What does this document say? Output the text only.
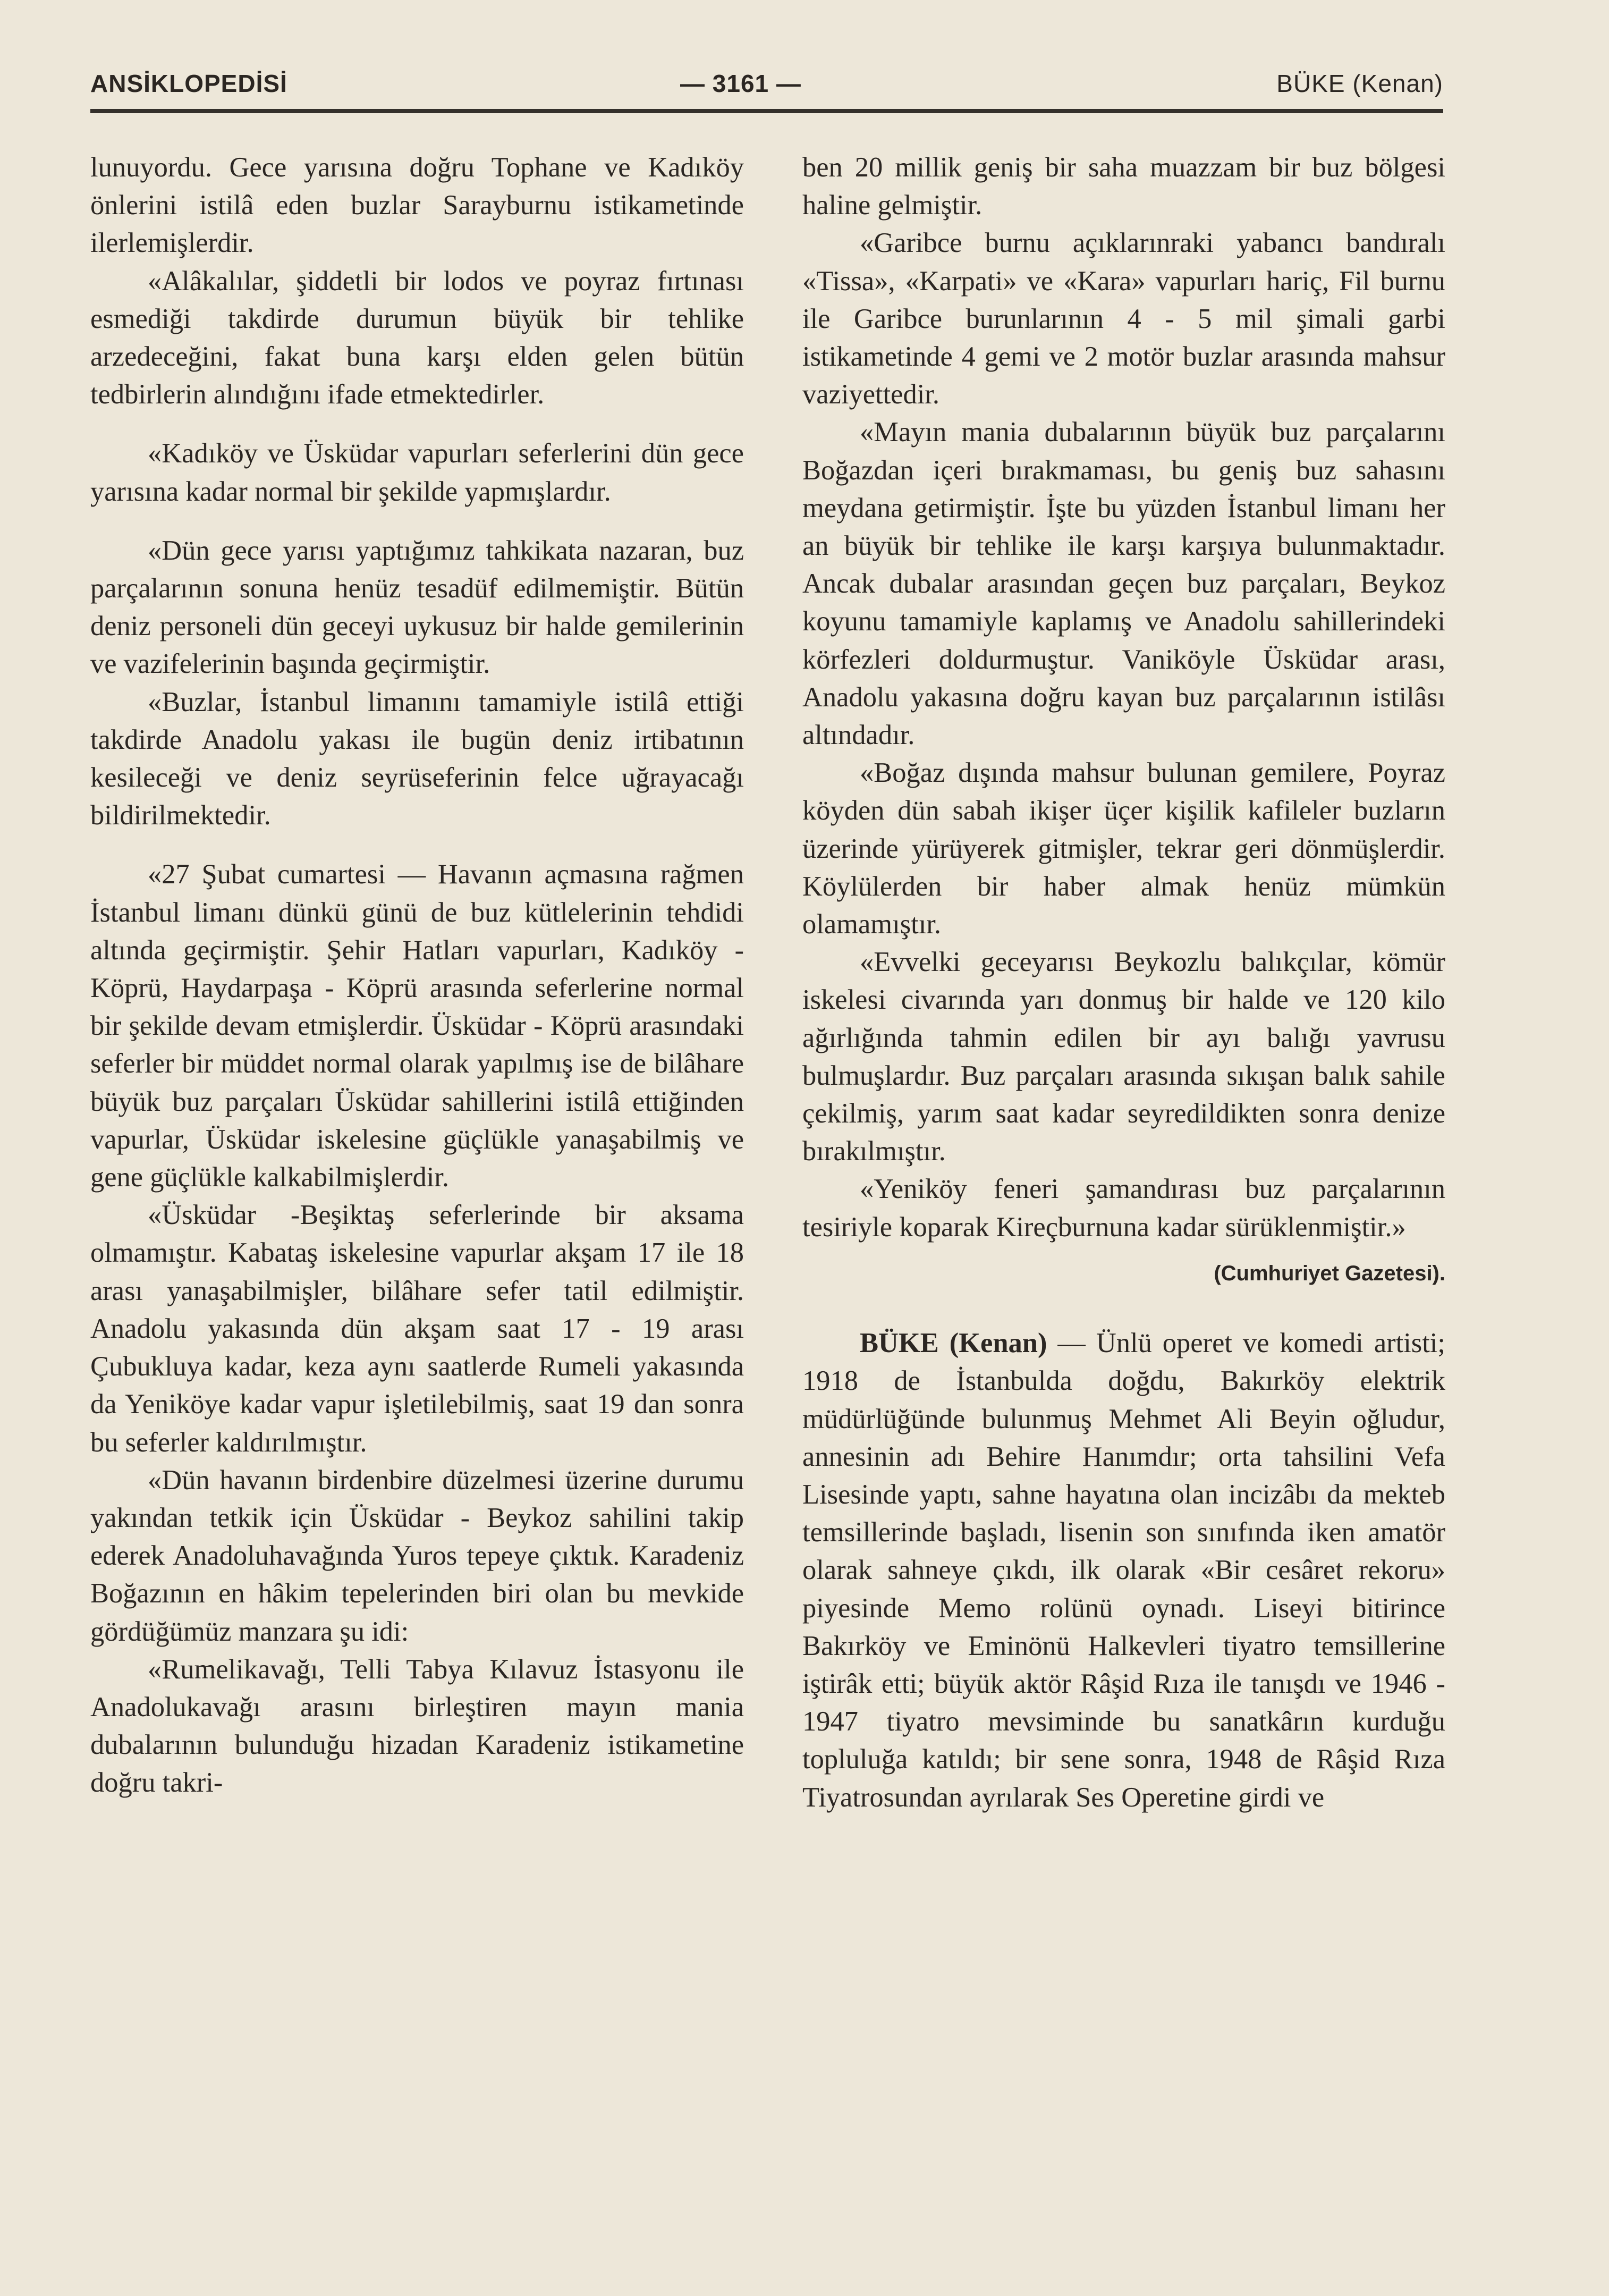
ANSİKLOPEDİSİ	— 3161 —	BÜKE (Kenan)

lunuyordu. Gece yarısına doğru Tophane ve Kadıköy önlerini istilâ eden buzlar Sarayburnu istikametinde ilerlemişlerdir.

«Alâkalılar, şiddetli bir lodos ve poyraz fırtınası esmediği takdirde durumun büyük bir tehlike arzedeceğini, fakat buna karşı elden gelen bütün tedbirlerin alındığını ifade etmektedirler.

«Kadıköy ve Üsküdar vapurları seferlerini dün gece yarısına kadar normal bir şekilde yapmışlardır.

«Dün gece yarısı yaptığımız tahkikata nazaran, buz parçalarının sonuna henüz tesadüf edilmemiştir. Bütün deniz personeli dün geceyi uykusuz bir halde gemilerinin ve vazifelerinin başında geçirmiştir.

«Buzlar, İstanbul limanını tamamiyle istilâ ettiği takdirde Anadolu yakası ile bugün deniz irtibatının kesileceği ve deniz seyrüseferinin felce uğrayacağı bildirilmektedir.

«27 Şubat cumartesi — Havanın açmasına rağmen İstanbul limanı dünkü günü de buz kütlelerinin tehdidi altında geçirmiştir. Şehir Hatları vapurları, Kadıköy - Köprü, Haydarpaşa - Köprü arasında seferlerine normal bir şekilde devam etmişlerdir. Üsküdar - Köprü arasındaki seferler bir müddet normal olarak yapılmış ise de bilâhare büyük buz parçaları Üsküdar sahillerini istilâ ettiğinden vapurlar, Üsküdar iskelesine güçlükle yanaşabilmiş ve gene güçlükle kalkabilmişlerdir.

«Üsküdar -Beşiktaş seferlerinde bir aksama olmamıştır. Kabataş iskelesine vapurlar akşam 17 ile 18 arası yanaşabilmişler, bilâhare sefer tatil edilmiştir. Anadolu yakasında dün akşam saat 17 - 19 arası Çubukluya kadar, keza aynı saatlerde Rumeli yakasında da Yeniköye kadar vapur işletilebilmiş, saat 19 dan sonra bu seferler kaldırılmıştır.

«Dün havanın birdenbire düzelmesi üzerine durumu yakından tetkik için Üsküdar - Beykoz sahilini takip ederek Anadoluhavağında Yuros tepeye çıktık. Karadeniz Boğazının en hâkim tepelerinden biri olan bu mevkide gördüğümüz manzara şu idi:

«Rumelikavağı, Telli Tabya Kılavuz İstasyonu ile Anadolukavağı arasını birleştiren mayın mania dubalarının bulunduğu hizadan Karadeniz istikametine doğru takri-

ben 20 millik geniş bir saha muazzam bir buz bölgesi haline gelmiştir.

«Garibce burnu açıklarınraki yabancı bandıralı «Tissa», «Karpati» ve «Kara» vapurları hariç, Fil burnu ile Garibce burunlarının 4 - 5 mil şimali garbi istikametinde 4 gemi ve 2 motör buzlar arasında mahsur vaziyettedir.

«Mayın mania dubalarının büyük buz parçalarını Boğazdan içeri bırakmaması, bu geniş buz sahasını meydana getirmiştir. İşte bu yüzden İstanbul limanı her an büyük bir tehlike ile karşı karşıya bulunmaktadır. Ancak dubalar arasından geçen buz parçaları, Beykoz koyunu tamamiyle kaplamış ve Anadolu sahillerindeki körfezleri doldurmuştur. Vaniköyle Üsküdar arası, Anadolu yakasına doğru kayan buz parçalarının istilâsı altındadır.

«Boğaz dışında mahsur bulunan gemilere, Poyraz köyden dün sabah ikişer üçer kişilik kafileler buzların üzerinde yürüyerek gitmişler, tekrar geri dönmüşlerdir. Köylülerden bir haber almak henüz mümkün olamamıştır.

«Evvelki geceyarısı Beykozlu balıkçılar, kömür iskelesi civarında yarı donmuş bir halde ve 120 kilo ağırlığında tahmin edilen bir ayı balığı yavrusu bulmuşlardır. Buz parçaları arasında sıkışan balık sahile çekilmiş, yarım saat kadar seyredildikten sonra denize bırakılmıştır.

«Yeniköy feneri şamandırası buz parçalarının tesiriyle koparak Kireçburnuna kadar sürüklenmiştir.»

(Cumhuriyet Gazetesi).

BÜKE (Kenan) — Ünlü operet ve komedi artisti; 1918 de İstanbulda doğdu, Bakırköy elektrik müdürlüğünde bulunmuş Mehmet Ali Beyin oğludur, annesinin adı Behire Hanımdır; orta tahsilini Vefa Lisesinde yaptı, sahne hayatına olan incizâbı da mekteb temsillerinde başladı, lisenin son sınıfında iken amatör olarak sahneye çıkdı, ilk olarak «Bir cesâret rekoru» piyesinde Memo rolünü oynadı. Liseyi bitirince Bakırköy ve Eminönü Halkevleri tiyatro temsillerine iştirâk etti; büyük aktör Râşid Rıza ile tanışdı ve 1946 - 1947 tiyatro mevsiminde bu sanatkârın kurduğu topluluğa katıldı; bir sene sonra, 1948 de Râşid Rıza Tiyatrosundan ayrılarak Ses Operetine girdi ve
